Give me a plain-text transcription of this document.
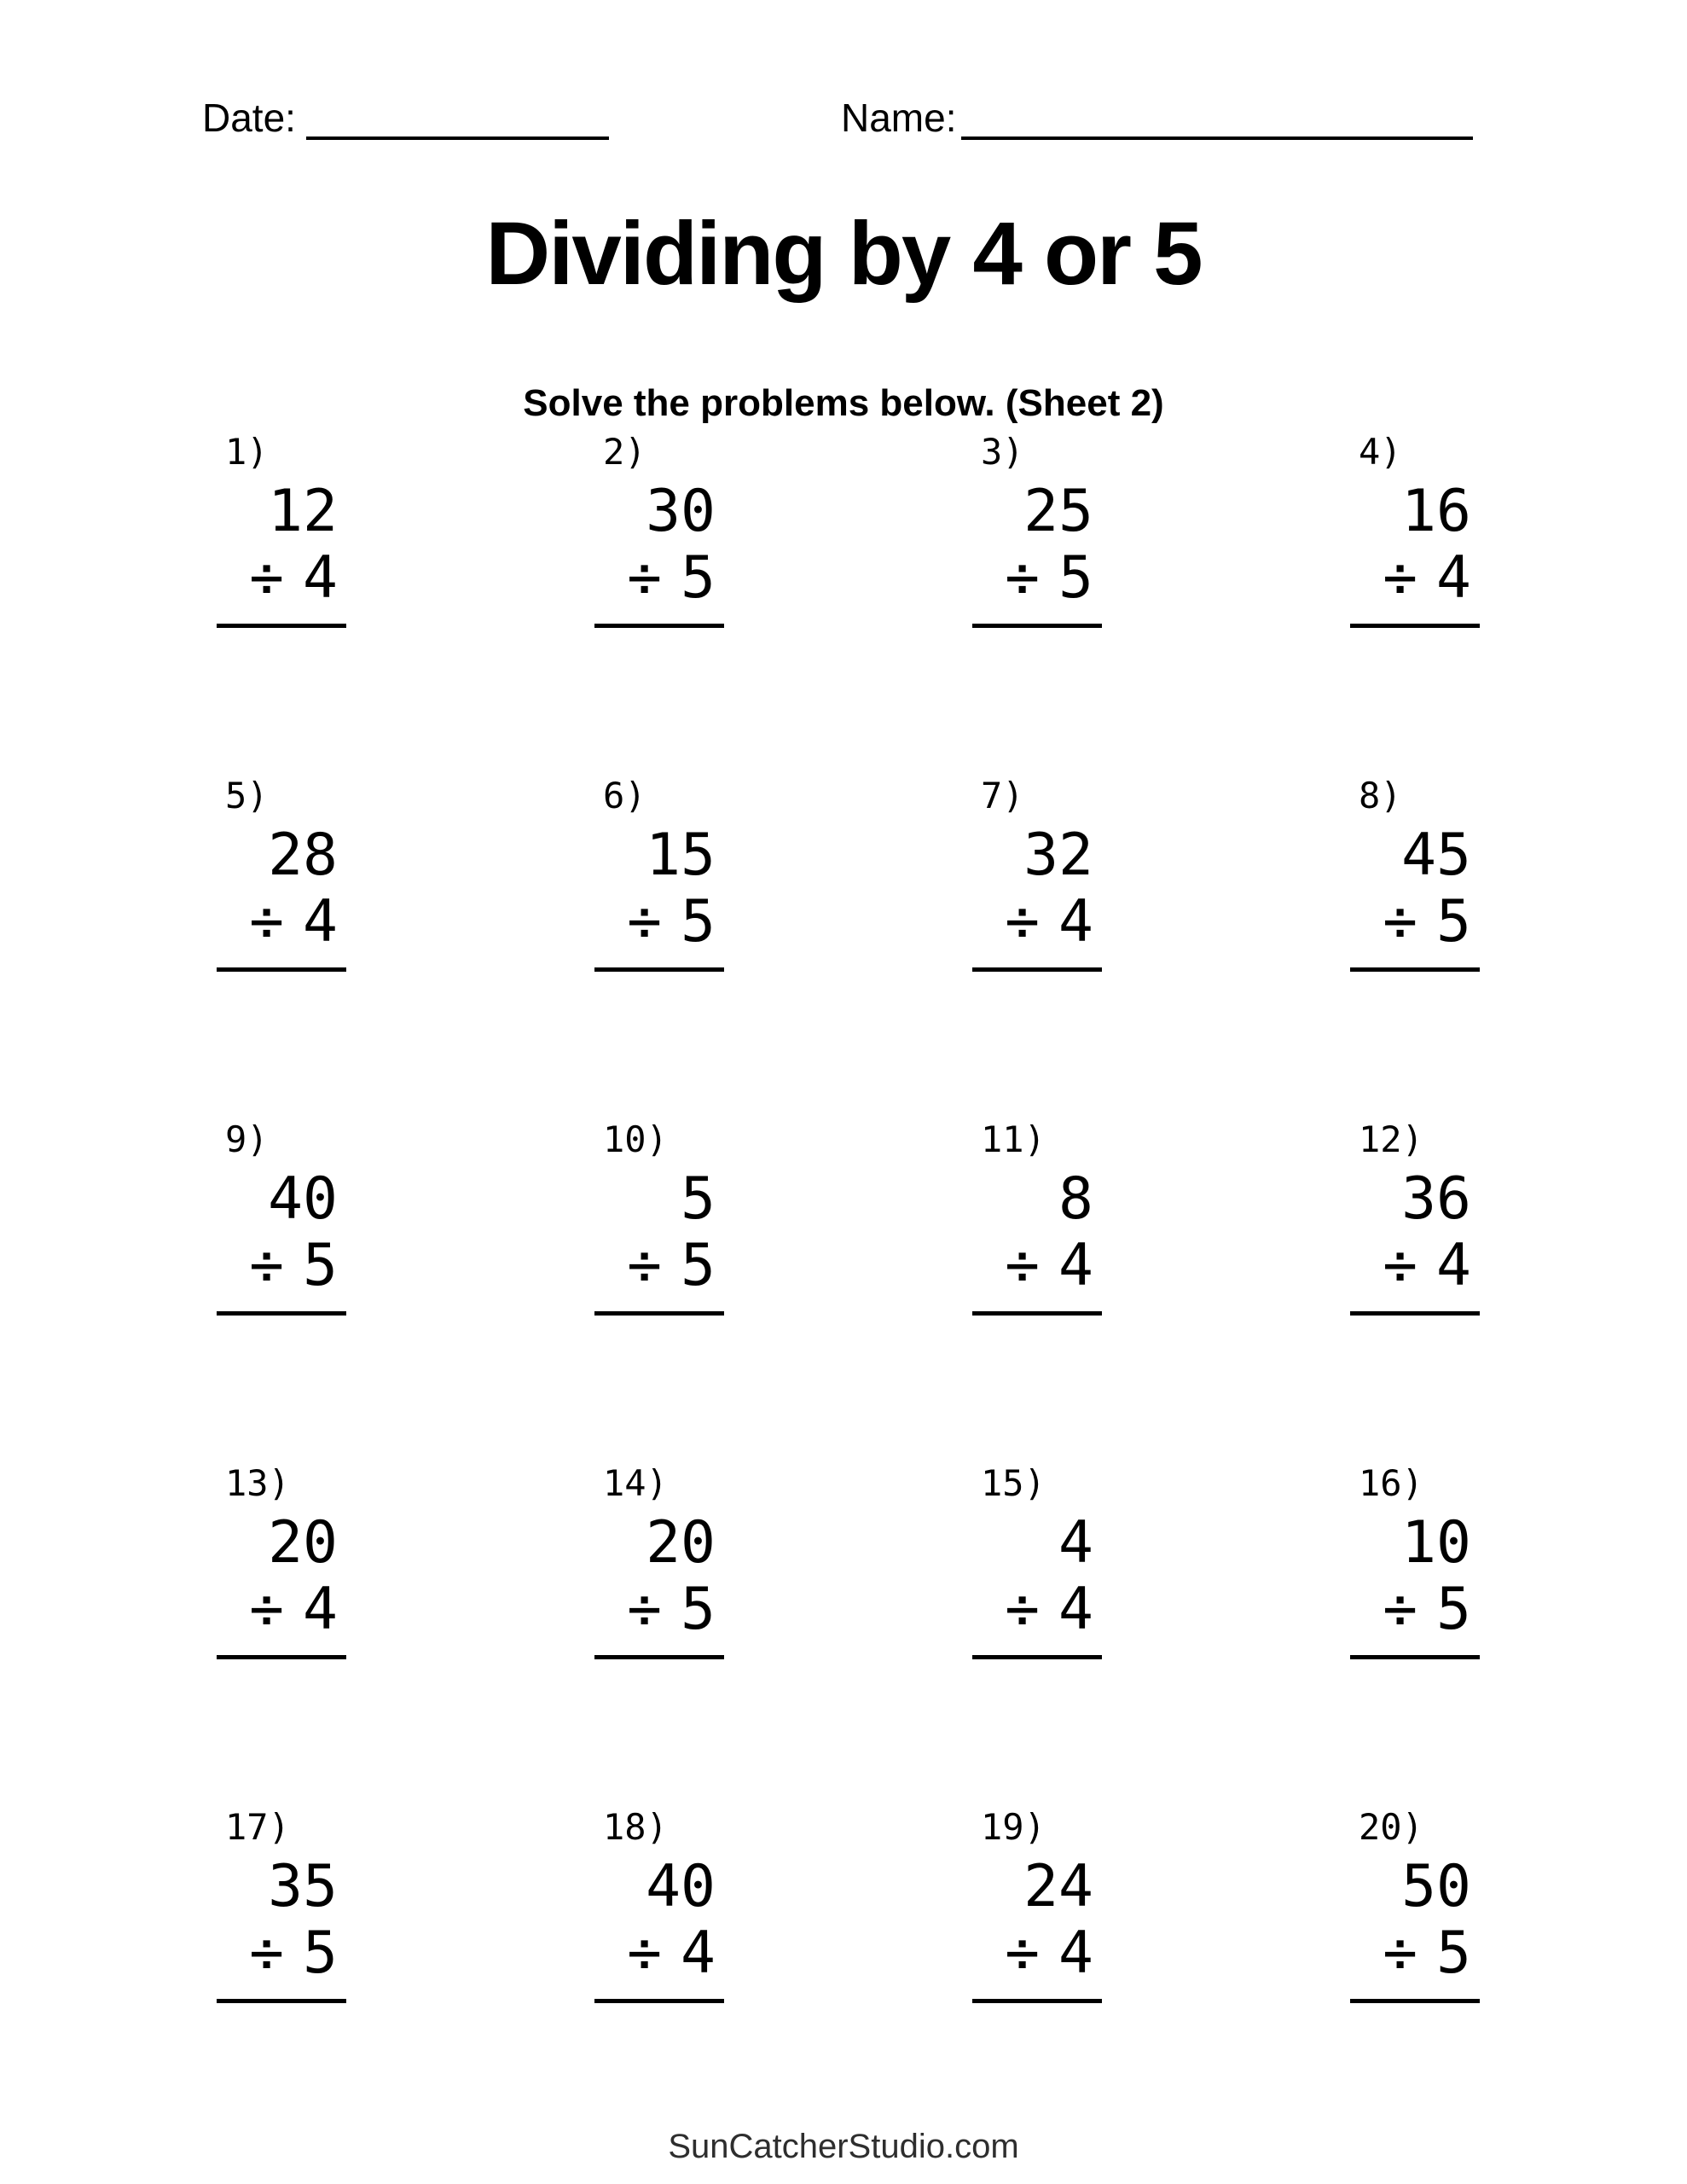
Date:	Name:
Dividing by 4 or 5
Solve the problems below. (Sheet 2)
1)
12
÷ 4
2)
30
÷ 5
3)
25
÷ 5
4)
16
÷ 4
5)
28
÷ 4
6)
15
÷ 5
7)
32
÷ 4
8)
45
÷ 5
9)
40
÷ 5
10)
5
÷ 5
11)
8
÷ 4
12)
36
÷ 4
13)
20
÷ 4
14)
20
÷ 5
15)
4
÷ 4
16)
10
÷ 5
17)
35
÷ 5
18)
40
÷ 4
19)
24
÷ 4
20)
50
÷ 5
SunCatcherStudio.com
